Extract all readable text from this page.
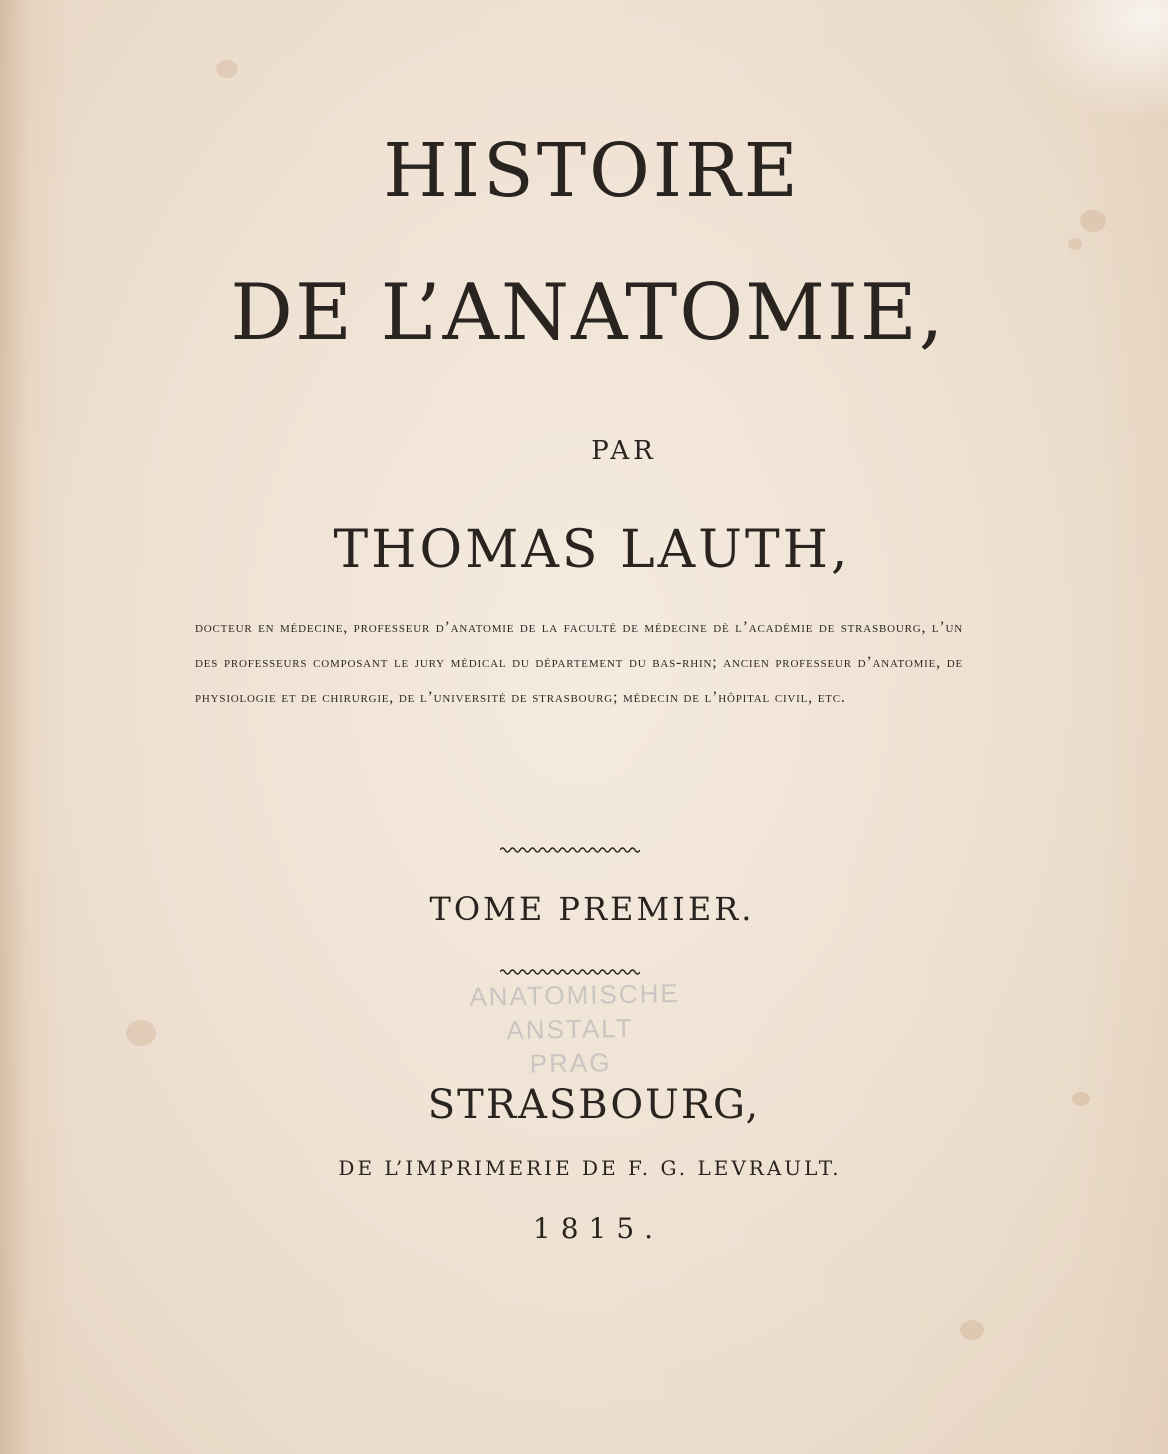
HISTOIRE
DE L’ANATOMIE,
PAR
THOMAS LAUTH,
docteur en médecine, professeur d’anatomie de la faculté de médecine dè l’académie de strasbourg, l’un des professeurs composant le jury médical du département du bas-rhin; ancien professeur d’anatomie, de physiologie et de chirurgie, de l’université de strasbourg; médecin de l’hôpital civil, etc.
TOME PREMIER.
ANATOMISCHE
ANSTALT
PRAG
STRASBOURG,
DE L’IMPRIMERIE DE F. G. LEVRAULT.
1815.
